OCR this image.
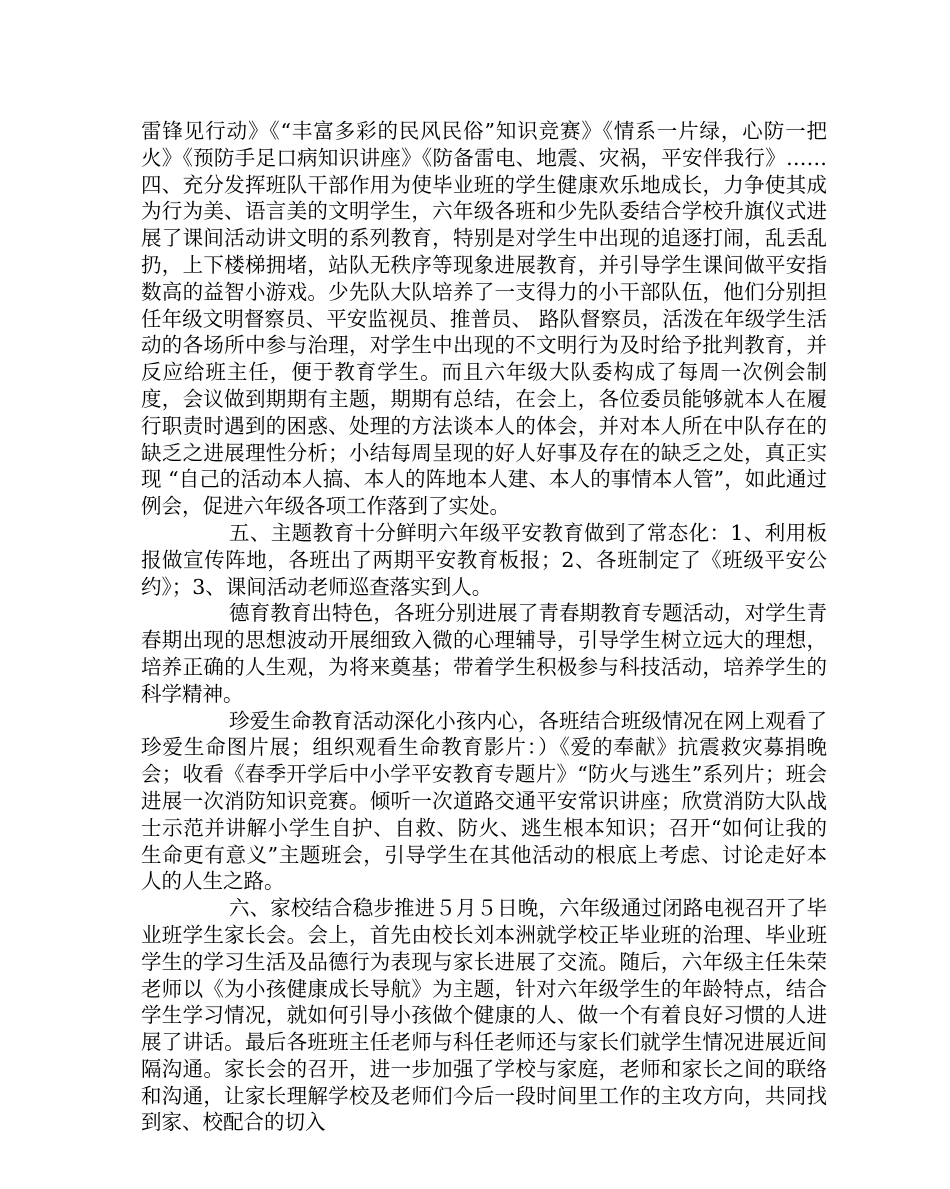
雷锋见行动》《“丰富多彩的民风民俗”知识竞赛》《情系一片绿，心防一把火》《预防手足口病知识讲座》《防备雷电、地震、灾祸，平安伴我行》……四、充分发挥班队干部作用为使毕业班的学生健康欢乐地成长，力争使其成为行为美、语言美的文明学生，六年级各班和少先队委结合学校升旗仪式进展了课间活动讲文明的系列教育，特别是对学生中出现的追逐打闹，乱丢乱扔，上下楼梯拥堵，站队无秩序等现象进展教育，并引导学生课间做平安指数高的益智小游戏。少先队大队培养了一支得力的小干部队伍，他们分别担任年级文明督察员、平安监视员、推普员、 路队督察员，活泼在年级学生活动的各场所中参与治理，对学生中出现的不文明行为及时给予批判教育，并反应给班主任，便于教育学生。而且六年级大队委构成了每周一次例会制度，会议做到期期有主题，期期有总结，在会上，各位委员能够就本人在履行职责时遇到的困惑、处理的方法谈本人的体会，并对本人所在中队存在的缺乏之进展理性分析；小结每周呈现的好人好事及存在的缺乏之处，真正实现 “自己的活动本人搞、本人的阵地本人建、本人的事情本人管”，如此通过例会，促进六年级各项工作落到了实处。

五、主题教育十分鲜明六年级平安教育做到了常态化：1、利用板报做宣传阵地，各班出了两期平安教育板报；2、各班制定了《班级平安公约》；3、课间活动老师巡查落实到人。

德育教育出特色，各班分别进展了青春期教育专题活动，对学生青春期出现的思想波动开展细致入微的心理辅导，引导学生树立远大的理想，培养正确的人生观，为将来奠基；带着学生积极参与科技活动，培养学生的科学精神。

珍爱生命教育活动深化小孩内心，各班结合班级情况在网上观看了珍爱生命图片展；组织观看生命教育影片：）《爱的奉献》抗震救灾募捐晚会；收看《春季开学后中小学平安教育专题片》“防火与逃生”系列片；班会进展一次消防知识竞赛。倾听一次道路交通平安常识讲座；欣赏消防大队战士示范并讲解小学生自护、自救、防火、逃生根本知识；召开“如何让我的生命更有意义”主题班会，引导学生在其他活动的根底上考虑、讨论走好本人的人生之路。

六、家校结合稳步推进５月５日晚，六年级通过闭路电视召开了毕业班学生家长会。会上，首先由校长刘本洲就学校正毕业班的治理、毕业班学生的学习生活及品德行为表现与家长进展了交流。随后，六年级主任朱荣老师以《为小孩健康成长导航》为主题，针对六年级学生的年龄特点，结合学生学习情况，就如何引导小孩做个健康的人、做一个有着良好习惯的人进展了讲话。最后各班班主任老师与科任老师还与家长们就学生情况进展近间隔沟通。家长会的召开，进一步加强了学校与家庭，老师和家长之间的联络和沟通，让家长理解学校及老师们今后一段时间里工作的主攻方向，共同找到家、校配合的切入
